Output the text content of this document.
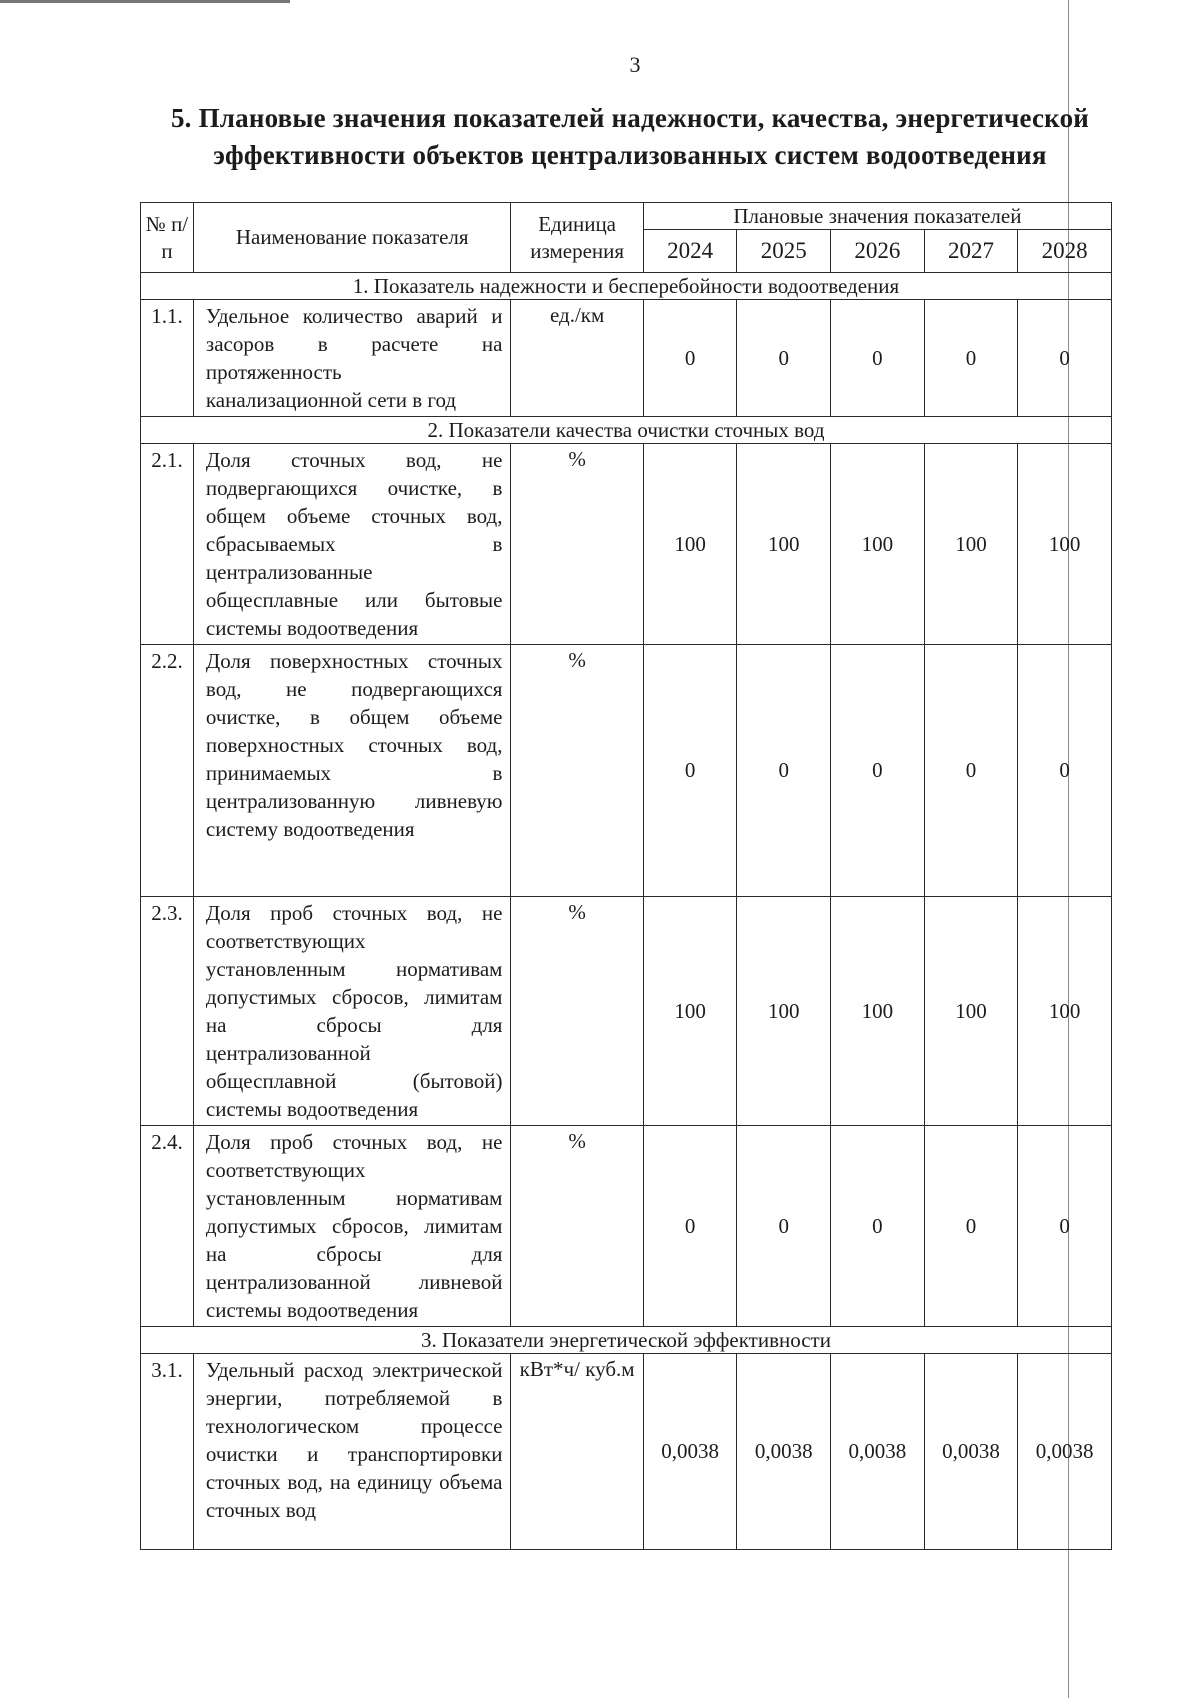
3
5. Плановые значения показателей надежности, качества, энергетической эффективности объектов централизованных систем водоотведения
№ п/п	Наименование показателя	Единица измерения	Плановые значения показателей				
			2024	2025	2026	2027	2028
1. Показатель надежности и бесперебойности водоотведения							
1.1.	Удельное количество аварий и засоров в расчете на протяженность канализационной сети в год	ед./км	0	0	0	0	0
2. Показатели качества очистки сточных вод							
2.1.	Доля сточных вод, не подвергающихся очистке, в общем объеме сточных вод, сбрасываемых в централизованные общесплавные или бытовые системы водоотведения	%	100	100	100	100	100
2.2.	Доля поверхностных сточных вод, не подвергающихся очистке, в общем объеме поверхностных сточных вод, принимаемых в централизованную ливневую систему водоотведения	%	0	0	0	0	0
2.3.	Доля проб сточных вод, не соответствующих установленным нормативам допустимых сбросов, лимитам на сбросы для централизованной общесплавной (бытовой) системы водоотведения	%	100	100	100	100	100
2.4.	Доля проб сточных вод, не соответствующих установленным нормативам допустимых сбросов, лимитам на сбросы для централизованной ливневой системы водоотведения	%	0	0	0	0	0
3. Показатели энергетической эффективности							
3.1.	Удельный расход электрической энергии, потребляемой в технологическом процессе очистки и транспортировки сточных вод, на единицу объема сточных вод	кВт*ч/ куб.м	0,0038	0,0038	0,0038	0,0038	0,0038
